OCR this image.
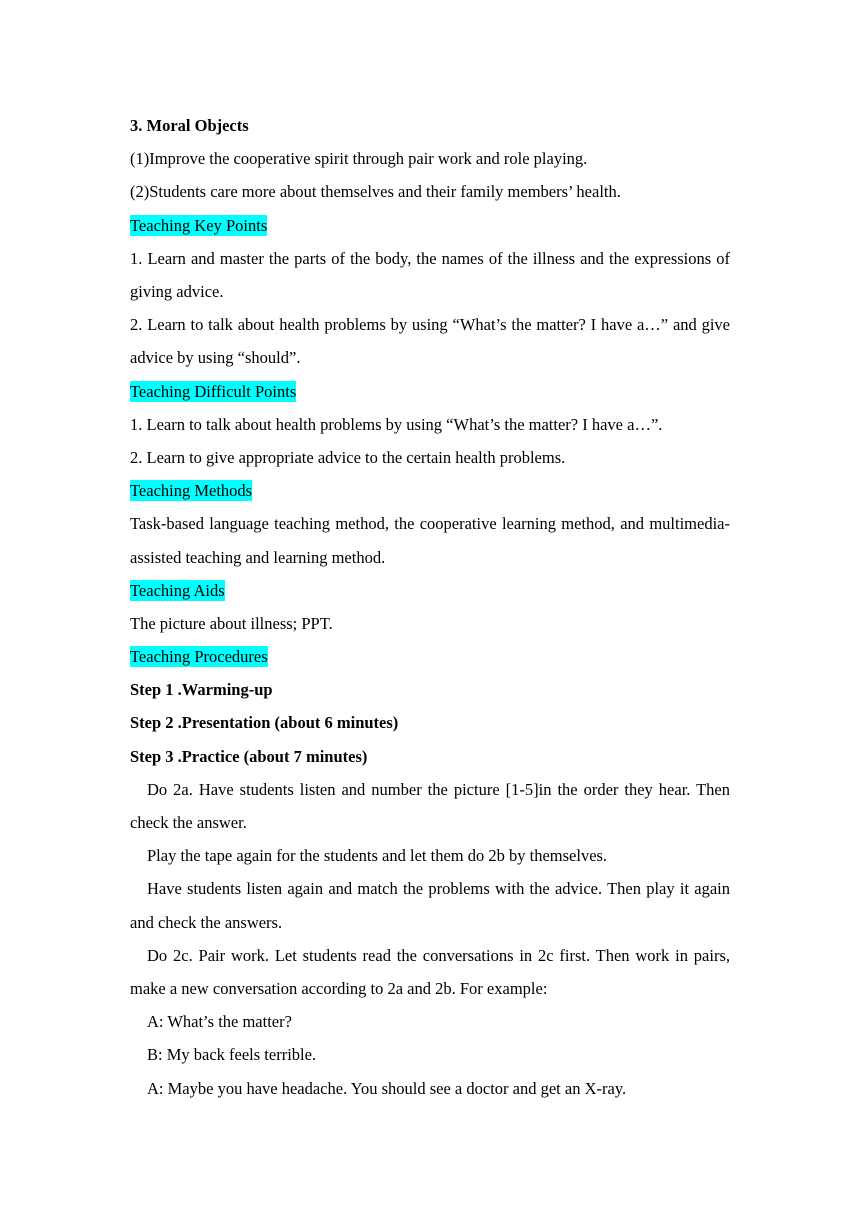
3. Moral Objects
(1)Improve the cooperative spirit through pair work and role playing.
(2)Students care more about themselves and their family members’ health.
Teaching Key Points
1. Learn and master the parts of the body, the names of the illness and the expressions of giving advice.
2. Learn to talk about health problems by using “What’s the matter? I have a…” and give advice by using “should”.
Teaching Difficult Points
1. Learn to talk about health problems by using “What’s the matter? I have a…”.
2. Learn to give appropriate advice to the certain health problems.
Teaching Methods
Task-based language teaching method, the cooperative learning method, and multimedia-assisted teaching and learning method.
Teaching Aids
The picture about illness; PPT.
Teaching Procedures
Step 1 .Warming-up
Step 2 .Presentation (about 6 minutes)
Step 3 .Practice (about 7 minutes)
Do 2a. Have students listen and number the picture [1-5]in the order they hear. Then check the answer.
Play the tape again for the students and let them do 2b by themselves.
Have students listen again and match the problems with the advice. Then play it again and check the answers.
Do 2c. Pair work. Let students read the conversations in 2c first. Then work in pairs, make a new conversation according to 2a and 2b. For example:
A: What’s the matter?
B: My back feels terrible.
A: Maybe you have headache. You should see a doctor and get an X-ray.
